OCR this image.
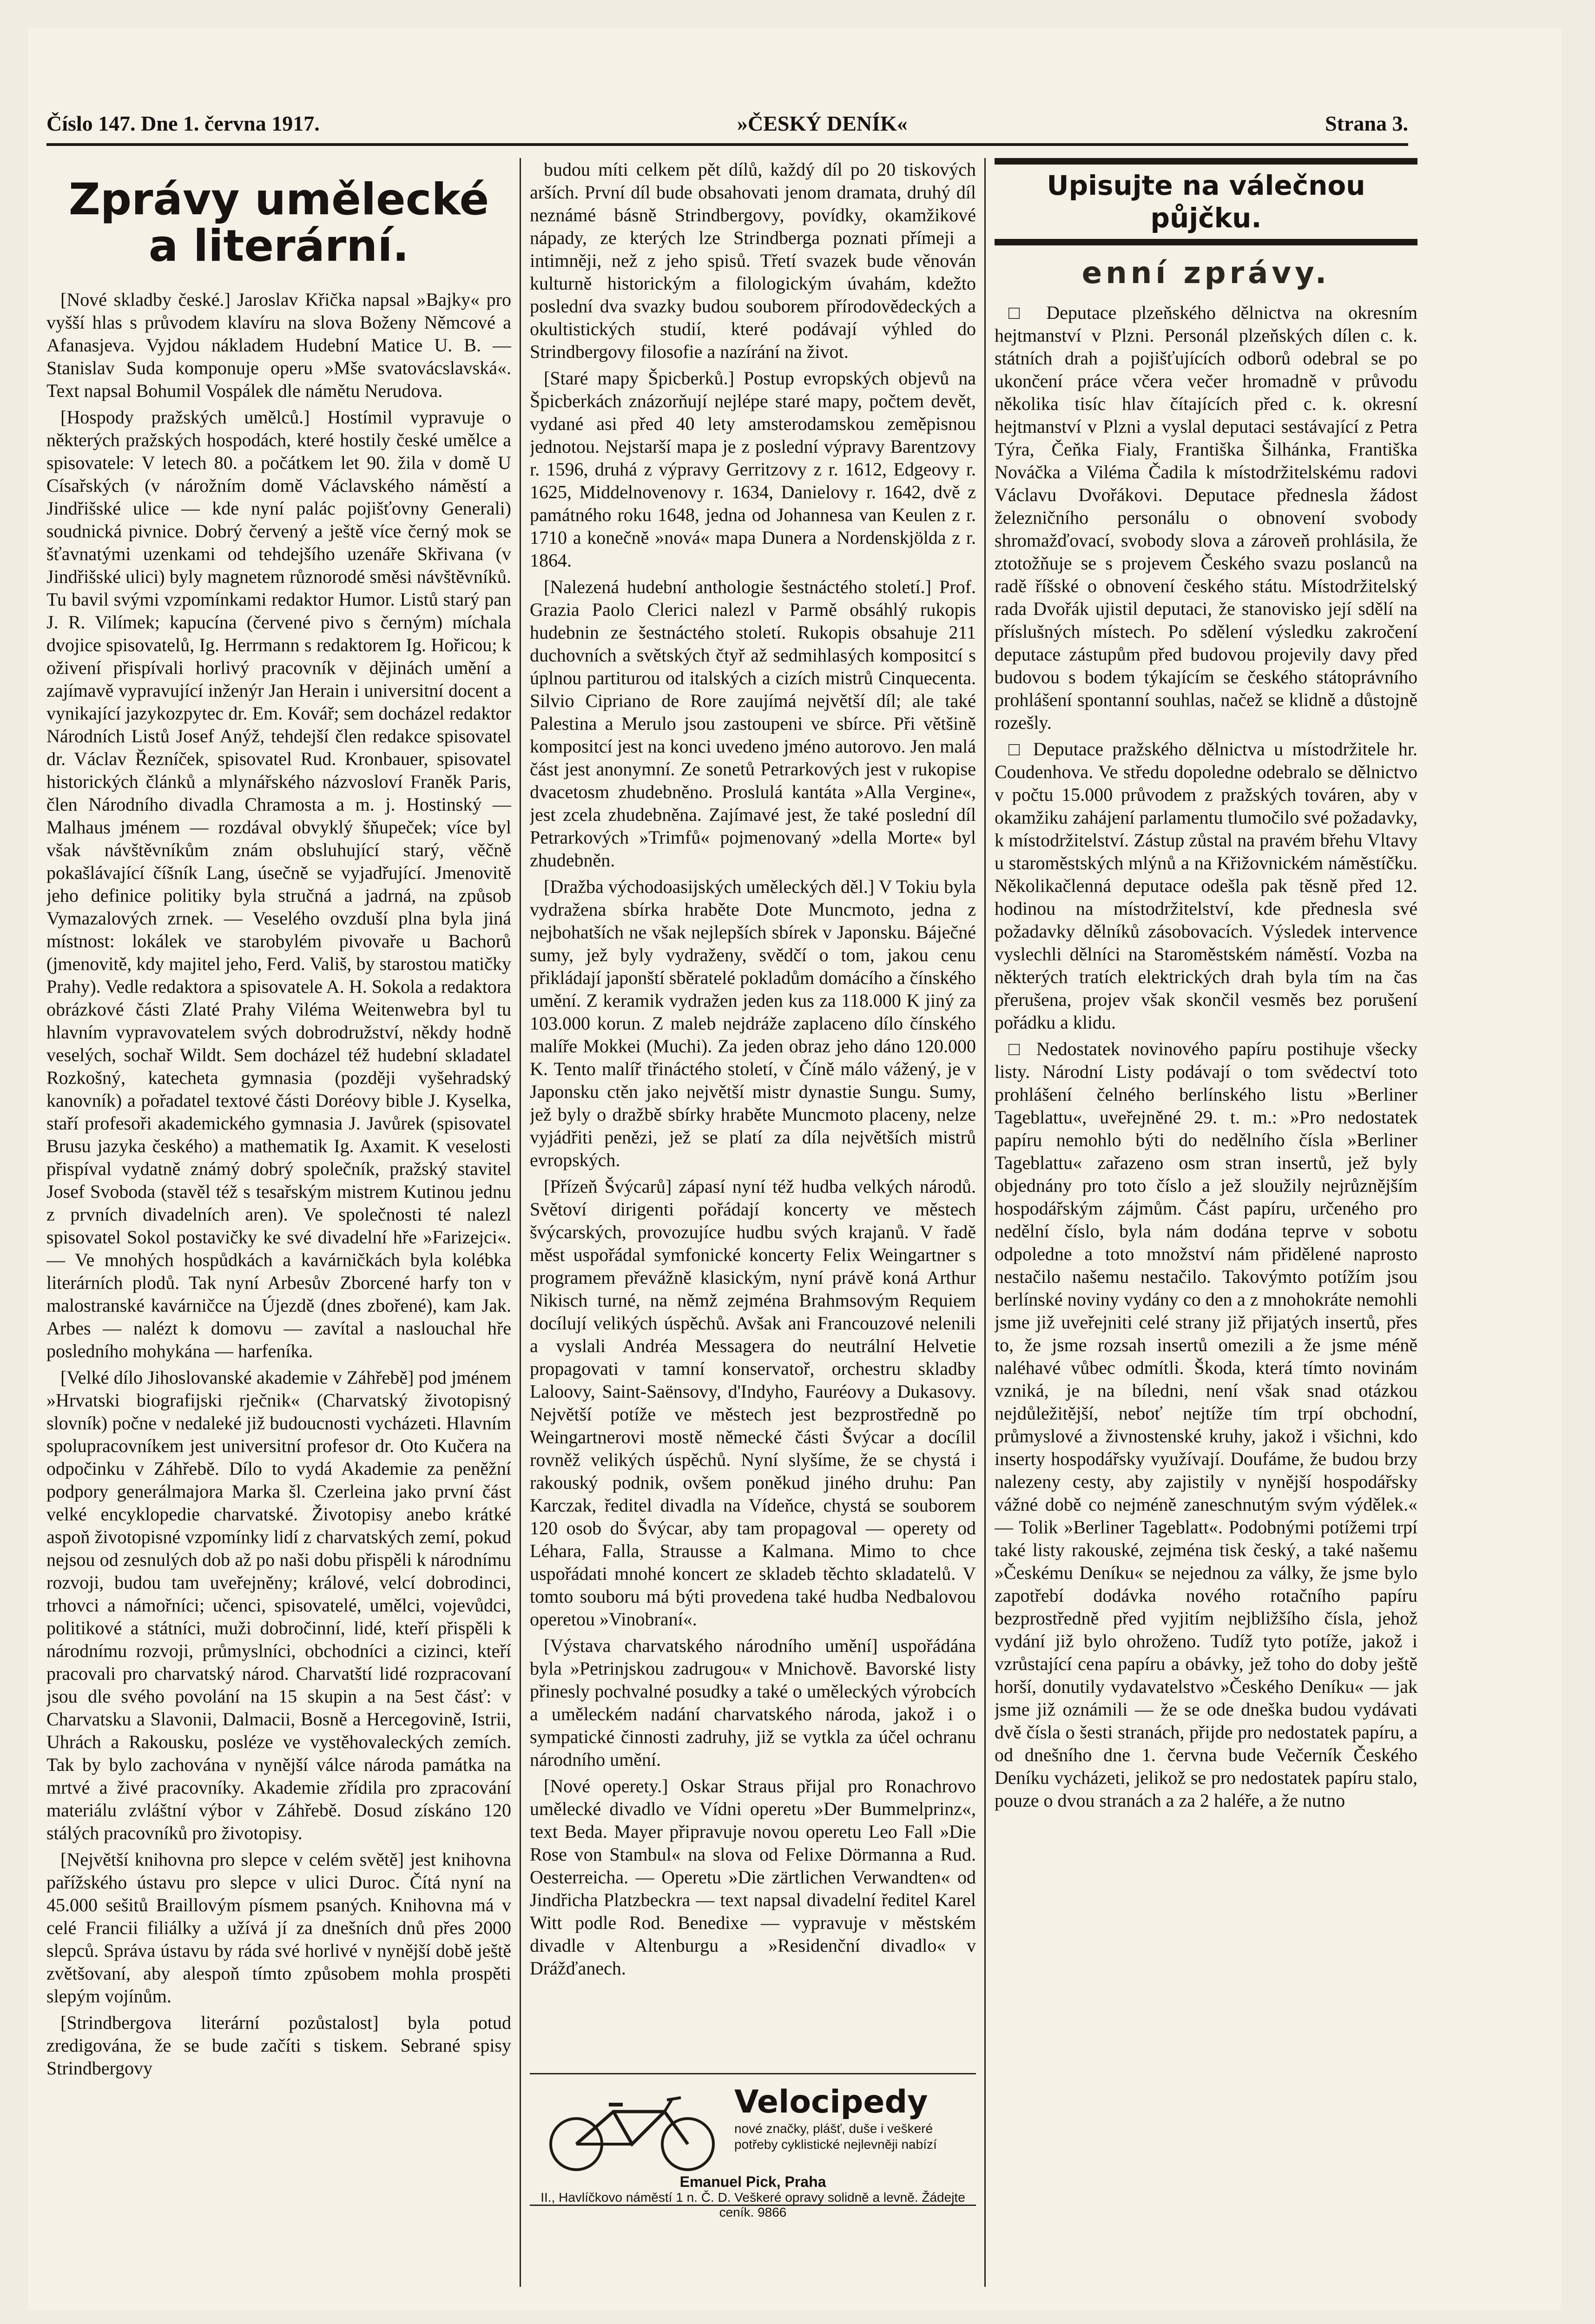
Číslo 147. Dne 1. června 1917.	»ČESKÝ DENÍK«	Strana 3.
Zprávy umělecké a literární.

[Nové skladby české.] Jaroslav Křička napsal »Bajky« pro vyšší hlas s průvodem klavíru na slova Boženy Němcové a Afanasjeva. Vyjdou nákladem Hudební Matice U. B. — Stanislav Suda komponuje operu »Mše svatovácslavská«. Text napsal Bohumil Vospálek dle námětu Nerudova.

[Hospody pražských umělců.] Hostímil vypravuje o některých pražských hospodách, které hostily české umělce a spisovatele: V letech 80. a počátkem let 90. žila v domě U Císařských (v nárožním domě Václavského náměstí a Jindřišské ulice — kde nyní palác pojišťovny Generali) soudnická pivnice. Dobrý červený a ještě více černý mok se šťavnatými uzenkami od tehdejšího uzenáře Skřivana (v Jindřišské ulici) byly magnetem různorodé směsi návštěvníků. Tu bavil svými vzpomínkami redaktor Humor. Listů starý pan J. R. Vilímek; kapucína (červené pivo s černým) míchala dvojice spisovatelů, Ig. Herrmann s redaktorem Ig. Hořicou; k oživení přispívali horlivý pracovník v dějinách umění a zajímavě vypravující inženýr Jan Herain i universitní docent a vynikající jazykozpytec dr. Em. Kovář; sem docházel redaktor Národních Listů Josef Anýž, tehdejší člen redakce spisovatel dr. Václav Řezníček, spisovatel Rud. Kronbauer, spisovatel historických článků a mlynářského názvosloví Franěk Paris, člen Národního divadla Chramosta a m. j. Hostinský — Malhaus jménem — rozdával obvyklý šňupeček; více byl však návštěvníkům znám obsluhující starý, věčně pokašlávající číšník Lang, úsečně se vyjadřující. Jmenovitě jeho definice politiky byla stručná a jadrná, na způsob Vymazalových zrnek. — Veselého ovzduší plna byla jiná místnost: lokálek ve starobylém pivovaře u Bachorů (jmenovitě, kdy majitel jeho, Ferd. Vališ, by starostou matičky Prahy). Vedle redaktora a spisovatele A. H. Sokola a redaktora obrázkové části Zlaté Prahy Viléma Weitenwebra byl tu hlavním vypravovatelem svých dobrodružství, někdy hodně veselých, sochař Wildt. Sem docházel též hudební skladatel Rozkošný, katecheta gymnasia (později vyšehradský kanovník) a pořadatel textové části Doréovy bible J. Kyselka, staří profesoři akademického gymnasia J. Javůrek (spisovatel Brusu jazyka českého) a mathematik Ig. Axamit. K veselosti přispíval vydatně známý dobrý společník, pražský stavitel Josef Svoboda (stavěl též s tesařským mistrem Kutinou jednu z prvních divadelních aren). Ve společnosti té nalezl spisovatel Sokol postavičky ke své divadelní hře »Farizejci«. — Ve mnohých hospůdkách a kavárničkách byla kolébka literárních plodů. Tak nyní Arbesův Zborcené harfy ton v malostranské kavárničce na Újezdě (dnes zbořené), kam Jak. Arbes — nalézt k domovu — zavítal a naslouchal hře posledního mohykána — harfeníka.

[Velké dílo Jihoslovanské akademie v Záhřebě] pod jménem »Hrvatski biografijski rječnik« (Charvatský životopisný slovník) počne v nedaleké již budoucnosti vycházeti. Hlavním spolupracovníkem jest universitní profesor dr. Oto Kučera na odpočinku v Záhřebě. Dílo to vydá Akademie za peněžní podpory generálmajora Marka šl. Czerleina jako první část velké encyklopedie charvatské. Životopisy anebo krátké aspoň životopisné vzpomínky lidí z charvatských zemí, pokud nejsou od zesnulých dob až po naši dobu přispěli k národnímu rozvoji, budou tam uveřejněny; králové, velcí dobrodinci, trhovci a námořníci; učenci, spisovatelé, umělci, vojevůdci, politikové a státníci, muži dobročinní, lidé, kteří přispěli k národnímu rozvoji, průmyslníci, obchodníci a cizinci, kteří pracovali pro charvatský národ. Charvatští lidé rozpracovaní jsou dle svého povolání na 15 skupin a na 5est čásť: v Charvatsku a Slavonii, Dalmacii, Bosně a Hercegovině, Istrii, Uhrách a Rakousku, posléze ve vystěhovaleckých zemích. Tak by bylo zachována v nynější válce národa památka na mrtvé a živé pracovníky. Akademie zřídila pro zpracování materiálu zvláštní výbor v Záhřebě. Dosud získáno 120 stálých pracovníků pro životopisy.

[Největší knihovna pro slepce v celém světě] jest knihovna pařížského ústavu pro slepce v ulici Duroc. Čítá nyní na 45.000 sešitů Braillovým písmem psaných. Knihovna má v celé Francii filiálky a užívá jí za dnešních dnů přes 2000 slepců. Správa ústavu by ráda své horlivé v nynější době ještě zvětšovaní, aby alespoň tímto způsobem mohla prospěti slepým vojínům.

[Strindbergova literární pozůstalost] byla potud zredigována, že se bude začíti s tiskem. Sebrané spisy Strindbergovy

budou míti celkem pět dílů, každý díl po 20 tiskových arších. První díl bude obsahovati jenom dramata, druhý díl neznámé básně Strindbergovy, povídky, okamžikové nápady, ze kterých lze Strindberga poznati přímeji a intimněji, než z jeho spisů. Třetí svazek bude věnován kulturně historickým a filologickým úvahám, kdežto poslední dva svazky budou souborem přírodovědeckých a okultistických studií, které podávají výhled do Strindbergovy filosofie a nazírání na život.

[Staré mapy Špicberků.] Postup evropských objevů na Špicberkách znázorňují nejlépe staré mapy, počtem devět, vydané asi před 40 lety amsterodamskou zeměpisnou jednotou. Nejstarší mapa je z poslední výpravy Barentzovy r. 1596, druhá z výpravy Gerritzovy z r. 1612, Edgeovy r. 1625, Middelnovenovy r. 1634, Danielovy r. 1642, dvě z památného roku 1648, jedna od Johannesa van Keulen z r. 1710 a konečně »nová« mapa Dunera a Nordenskjölda z r. 1864.

[Nalezená hudební anthologie šestnáctého století.] Prof. Grazia Paolo Clerici nalezl v Parmě obsáhlý rukopis hudebnin ze šestnáctého století. Rukopis obsahuje 211 duchovních a světských čtyř až sedmihlasých kompositcí s úplnou partiturou od italských a cizích mistrů Cinquecenta. Silvio Cipriano de Rore zaujímá největší díl; ale také Palestina a Merulo jsou zastoupeni ve sbírce. Při většině kompositcí jest na konci uvedeno jméno autorovo. Jen malá část jest anonymní. Ze sonetů Petrarkových jest v rukopise dvacetosm zhudebněno. Proslulá kantáta »Alla Vergine«, jest zcela zhudebněna. Zajímavé jest, že také poslední díl Petrarkových »Trimfů« pojmenovaný »della Morte« byl zhudebněn.

[Dražba východoasijských uměleckých děl.] V Tokiu byla vydražena sbírka hraběte Dote Muncmoto, jedna z nejbohatších ne však nejlepších sbírek v Japonsku. Báječné sumy, jež byly vydraženy, svědčí o tom, jakou cenu přikládají japonští sběratelé pokladům domácího a čínského umění. Z keramik vydražen jeden kus za 118.000 K jiný za 103.000 korun. Z maleb nejdráže zaplaceno dílo čínského malíře Mokkei (Muchi). Za jeden obraz jeho dáno 120.000 K. Tento malíř třináctého století, v Číně málo vážený, je v Japonsku ctěn jako největší mistr dynastie Sungu. Sumy, jež byly o dražbě sbírky hraběte Muncmoto placeny, nelze vyjádřiti penězi, jež se platí za díla největších mistrů evropských.

[Přízeň Švýcarů] zápasí nyní též hudba velkých národů. Světoví dirigenti pořádají koncerty ve městech švýcarských, provozujíce hudbu svých krajanů. V řadě měst uspořádal symfonické koncerty Felix Weingartner s programem převážně klasickým, nyní právě koná Arthur Nikisch turné, na němž zejména Brahmsovým Requiem docílují velikých úspěchů. Avšak ani Francouzové nelenili a vyslali Andréa Messagera do neutrální Helvetie propagovati v tamní konservatoř, orchestru skladby Laloovy, Saint-Saënsovy, d'Indyho, Fauréovy a Dukasovy. Největší potíže ve městech jest bezprostředně po Weingartnerovi mostě německé části Švýcar a docílil rovněž velikých úspěchů. Nyní slyšíme, že se chystá i rakouský podnik, ovšem poněkud jiného druhu: Pan Karczak, ředitel divadla na Vídeňce, chystá se souborem 120 osob do Švýcar, aby tam propagoval — operety od Léhara, Falla, Strausse a Kalmana. Mimo to chce uspořádati mnohé koncert ze skladeb těchto skladatelů. V tomto souboru má býti provedena také hudba Nedbalovou operetou »Vinobraní«.

[Výstava charvatského národního umění] uspořádána byla »Petrinjskou zadrugou« v Mnichově. Bavorské listy přinesly pochvalné posudky a také o uměleckých výrobcích a uměleckém nadání charvatského národa, jakož i o sympatické činnosti zadruhy, již se vytkla za účel ochranu národního umění.

[Nové operety.] Oskar Straus přijal pro Ronachrovo umělecké divadlo ve Vídni operetu »Der Bummelprinz«, text Beda. Mayer připravuje novou operetu Leo Fall »Die Rose von Stambul« na slova od Felixe Dörmanna a Rud. Oesterreicha. — Operetu »Die zärtlichen Verwandten« od Jindřicha Platzbeckra — text napsal divadelní ředitel Karel Witt podle Rod. Benedixe — vypravuje v městském divadle v Altenburgu a »Residenční divadlo« v Drážďanech.

Velocipedy
nové značky, plášť, duše i veškeré potřeby cyklistické nejlevněji nabízí
Emanuel Pick, Praha
II., Havlíčkovo náměstí 1 n. Č. D. Veškeré opravy solidně a levně. Žádejte ceník. 9866
Upisujte na válečnou půjčku.
enní zprávy.

□ Deputace plzeňského dělnictva na okresním hejtmanství v Plzni. Personál plzeňských dílen c. k. státních drah a pojišťujících odborů odebral se po ukončení práce včera večer hromadně v průvodu několika tisíc hlav čítajících před c. k. okresní hejtmanství v Plzni a vyslal deputaci sestávající z Petra Týra, Čeňka Fialy, Františka Šilhánka, Františka Nováčka a Viléma Čadila k místodržitelskému radovi Václavu Dvořákovi. Deputace přednesla žádost železničního personálu o obnovení svobody shromažďovací, svobody slova a zároveň prohlásila, že ztotožňuje se s projevem Českého svazu poslanců na radě říšské o obnovení českého státu. Místodržitelský rada Dvořák ujistil deputaci, že stanovisko její sdělí na příslušných místech. Po sdělení výsledku zakročení deputace zástupům před budovou projevily davy před budovou s bodem týkajícím se českého státoprávního prohlášení spontanní souhlas, načež se klidně a důstojně rozešly.

□ Deputace pražského dělnictva u místodržitele hr. Coudenhova. Ve středu dopoledne odebralo se dělnictvo v počtu 15.000 průvodem z pražských továren, aby v okamžiku zahájení parlamentu tlumočilo své požadavky, k místodržitelství. Zástup zůstal na pravém břehu Vltavy u staroměstských mlýnů a na Křižovnickém náměstíčku. Několikačlenná deputace odešla pak těsně před 12. hodinou na místodržitelství, kde přednesla své požadavky dělníků zásobovacích. Výsledek intervence vyslechli dělníci na Staroměstském náměstí. Vozba na některých tratích elektrických drah byla tím na čas přerušena, projev však skončil vesměs bez porušení pořádku a klidu.

□ Nedostatek novinového papíru postihuje všecky listy. Národní Listy podávají o tom svědectví toto prohlášení čelného berlínského listu »Berliner Tageblattu«, uveřejněné 29. t. m.: »Pro nedostatek papíru nemohlo býti do nedělního čísla »Berliner Tageblattu« zařazeno osm stran insertů, jež byly objednány pro toto číslo a jež sloužily nejrůznějším hospodářským zájmům. Část papíru, určeného pro nedělní číslo, byla nám dodána teprve v sobotu odpoledne a toto množství nám přidělené naprosto nestačilo našemu nestačilo. Takovýmto potížím jsou berlínské noviny vydány co den a z mnohokráte nemohli jsme již uveřejniti celé strany již přijatých insertů, přes to, že jsme rozsah insertů omezili a že jsme méně naléhavé vůbec odmítli. Škoda, která tímto novinám vzniká, je na bíledni, není však snad otázkou nejdůležitější, neboť nejtíže tím trpí obchodní, průmyslové a živnostenské kruhy, jakož i všichni, kdo inserty hospodářsky využívají. Doufáme, že budou brzy nalezeny cesty, aby zajistily v nynější hospodářsky vážné době co nejméně zaneschnutým svým výdělek.« — Tolik »Berliner Tageblatt«. Podobnými potížemi trpí také listy rakouské, zejména tisk český, a také našemu »Českému Deníku« se nejednou za války, že jsme bylo zapotřebí dodávka nového rotačního papíru bezprostředně před vyjitím nejbližšího čísla, jehož vydání již bylo ohroženo. Tudíž tyto potíže, jakož i vzrůstající cena papíru a obávky, jež toho do doby ještě horší, donutily vydavatelstvo »Českého Deníku« — jak jsme již oznámili — že se ode dneška budou vydávati dvě čísla o šesti stranách, přijde pro nedostatek papíru, a od dnešního dne 1. června bude Večerník Českého Deníku vycházeti, jelikož se pro nedostatek papíru stalo, pouze o dvou stranách a za 2 haléře, a že nutno
